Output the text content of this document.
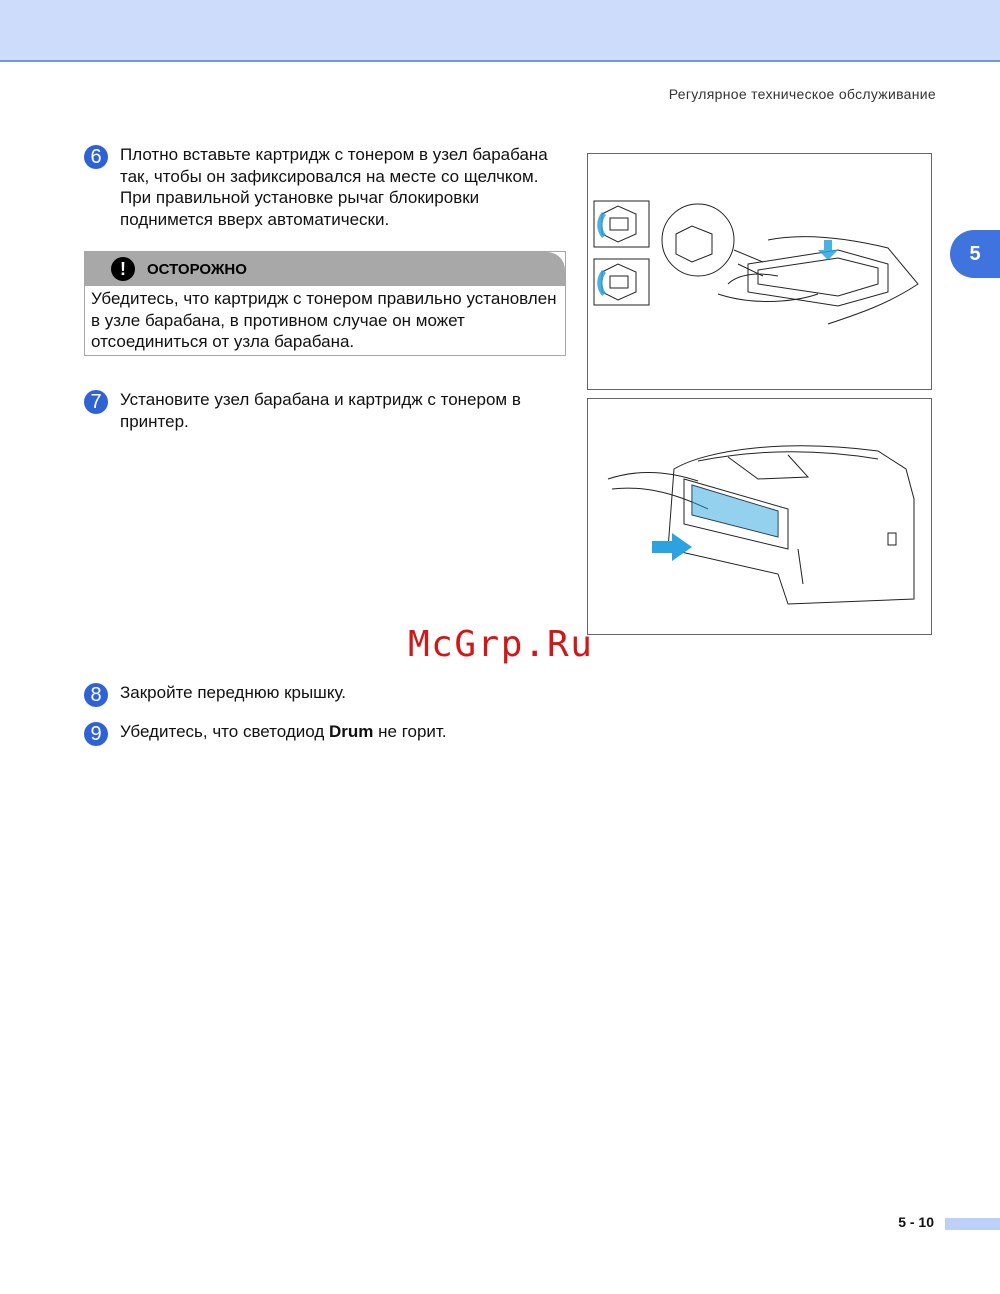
Регулярное техническое обслуживание
5
6	Плотно вставьте картридж с тонером в узел барабана так, чтобы он зафиксировался на месте со щелчком. При правильной установке рычаг блокировки поднимется вверх автоматически.
!	ОСТОРОЖНО
Убедитесь, что картридж с тонером правильно установлен в узле барабана, в противном случае он может отсоединиться от узла барабана.
7	Установите узел барабана и картридж с тонером в принтер.
McGrp.Ru
8	Закройте переднюю крышку.
9	Убедитесь, что светодиод Drum не горит.
5 - 10
